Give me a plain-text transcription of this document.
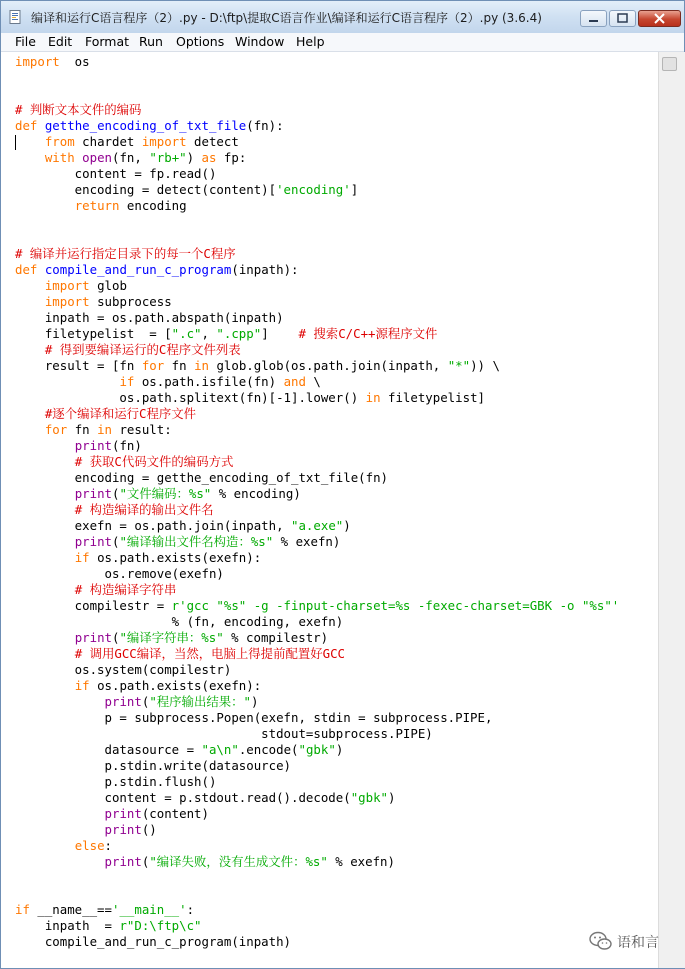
编译和运行C语言程序（2）.py - D:\ftp\提取C语言作业\编译和运行C语言程序（2）.py (3.6.4)
File Edit Format Run Options Window Help
import  os
# 判断文本文件的编码
def getthe_encoding_of_txt_file(fn):
from chardet import detect
with open(fn, "rb+") as fp:
content = fp.read()
encoding = detect(content)['encoding']
return encoding
# 编译并运行指定目录下的每一个C程序
def compile_and_run_c_program(inpath):
import glob
import subprocess
inpath = os.path.abspath(inpath)
filetypelist  = [".c", ".cpp"]    # 搜索C/C++源程序文件
# 得到要编译运行的C程序文件列表
result = [fn for fn in glob.glob(os.path.join(inpath, "*")) \
if os.path.isfile(fn) and \
os.path.splitext(fn)[-1].lower() in filetypelist]
#逐个编译和运行C程序文件
for fn in result:
print(fn)
# 获取C代码文件的编码方式
encoding = getthe_encoding_of_txt_file(fn)
print("文件编码：%s" % encoding)
# 构造编译的输出文件名
exefn = os.path.join(inpath, "a.exe")
print("编译输出文件名构造：%s" % exefn)
if os.path.exists(exefn):
os.remove(exefn)
# 构造编译字符串
compilestr = r'gcc "%s" -g -finput-charset=%s -fexec-charset=GBK -o "%s"'
% (fn, encoding, exefn)
print("编译字符串：%s" % compilestr)
# 调用GCC编译，当然，电脑上得提前配置好GCC
os.system(compilestr)
if os.path.exists(exefn):
print("程序输出结果：")
p = subprocess.Popen(exefn, stdin = subprocess.PIPE,
stdout=subprocess.PIPE)
datasource = "a\n".encode("gbk")
p.stdin.write(datasource)
p.stdin.flush()
content = p.stdout.read().decode("gbk")
print(content)
print()
else:
print("编译失败，没有生成文件：%s" % exefn)
if __name__=='__main__':
inpath  = r"D:\ftp\c"
compile_and_run_c_program(inpath)	语和言
